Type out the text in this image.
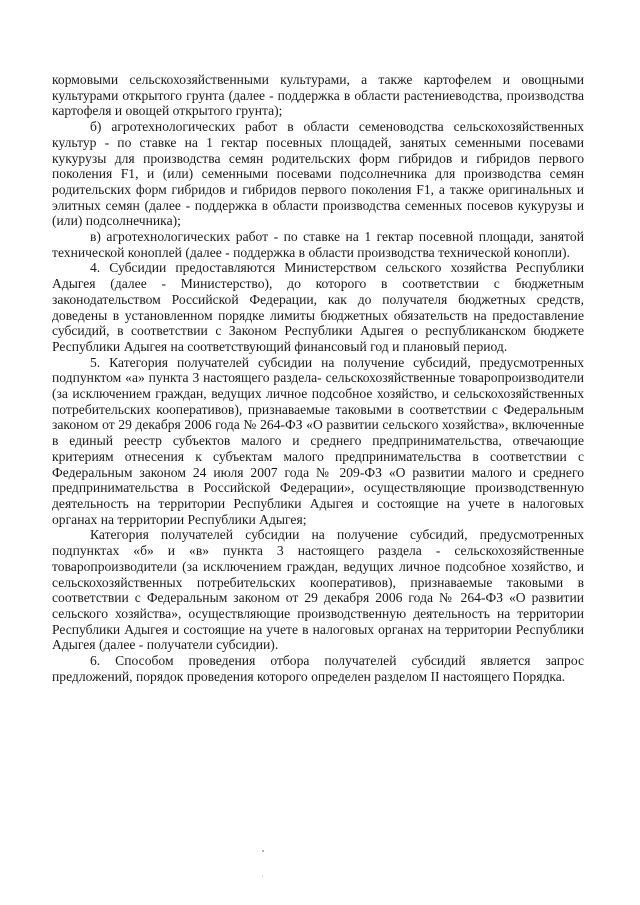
кормовыми сельскохозяйственными культурами, а также картофелем и овощными культурами открытого грунта (далее - поддержка в области растениеводства, производства картофеля и овощей открытого грунта);

б) агротехнологических работ в области семеноводства сельскохозяйственных культур - по ставке на 1 гектар посевных площадей, занятых семенными посевами кукурузы для производства семян родительских форм гибридов и гибридов первого поколения F1, и (или) семенными посевами подсолнечника для производства семян родительских форм гибридов и гибридов первого поколения F1, а также оригинальных и элитных семян (далее - поддержка в области производства семенных посевов кукурузы и (или) подсолнечника);

в) агротехнологических работ - по ставке на 1 гектар посевной площади, занятой технической коноплей (далее - поддержка в области производства технической конопли).

4. Субсидии предоставляются Министерством сельского хозяйства Республики Адыгея (далее - Министерство), до которого в соответствии с бюджетным законодательством Российской Федерации, как до получателя бюджетных средств, доведены в установленном порядке лимиты бюджетных обязательств на предоставление субсидий, в соответствии с Законом Республики Адыгея о республиканском бюджете Республики Адыгея на соответствующий финансовый год и плановый период.

5. Категория получателей субсидии на получение субсидий, предусмотренных подпунктом «а» пункта 3 настоящего раздела- сельскохозяйственные товаропроизводители (за исключением граждан, ведущих личное подсобное хозяйство, и сельскохозяйственных потребительских кооперативов), признаваемые таковыми в соответствии с Федеральным законом от 29 декабря 2006 года № 264-ФЗ «О развитии сельского хозяйства», включенные в единый реестр субъектов малого и среднего предпринимательства, отвечающие критериям отнесения к субъектам малого предпринимательства в соответствии с Федеральным законом 24 июля 2007 года № 209-ФЗ «О развитии малого и среднего предпринимательства в Российской Федерации», осуществляющие производственную деятельность на территории Республики Адыгея и состоящие на учете в налоговых органах на территории Республики Адыгея;

Категория получателей субсидии на получение субсидий, предусмотренных подпунктах «б» и «в» пункта 3 настоящего раздела - сельскохозяйственные товаропроизводители (за исключением граждан, ведущих личное подсобное хозяйство, и сельскохозяйственных потребительских кооперативов), признаваемые таковыми в соответствии с Федеральным законом от 29 декабря 2006 года № 264-ФЗ «О развитии сельского хозяйства», осуществляющие производственную деятельность на территории Республики Адыгея и состоящие на учете в налоговых органах на территории Республики Адыгея (далее - получатели субсидии).

6. Способом проведения отбора получателей субсидий является запрос предложений, порядок проведения которого определен разделом II настоящего Порядка.
